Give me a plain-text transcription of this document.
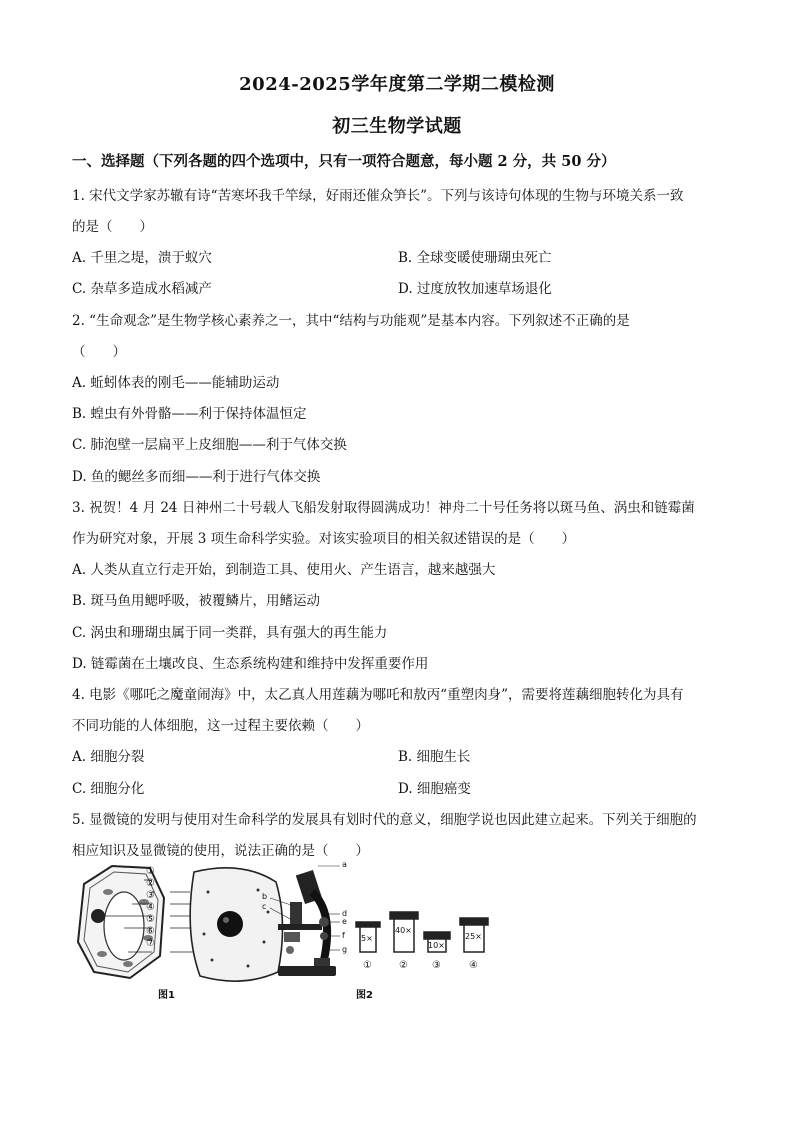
2024-2025学年度第二学期二模检测
初三生物学试题
一、选择题（下列各题的四个选项中，只有一项符合题意，每小题 2 分，共 50 分）
1. 宋代文学家苏辙有诗“苦寒坏我千竿绿，好雨还催众笋长”。下列与该诗句体现的生物与环境关系一致
的是（　　）
A. 千里之堤，溃于蚁穴	B. 全球变暖使珊瑚虫死亡
C. 杂草多造成水稻减产	D. 过度放牧加速草场退化
2. “生命观念”是生物学核心素养之一，其中“结构与功能观”是基本内容。下列叙述不正确的是
（　　）
A. 蚯蚓体表的刚毛——能辅助运动
B. 蝗虫有外骨骼——利于保持体温恒定
C. 肺泡壁一层扁平上皮细胞——利于气体交换
D. 鱼的鳃丝多而细——利于进行气体交换
3. 祝贺！4 月 24 日神州二十号载人飞船发射取得圆满成功！神舟二十号任务将以斑马鱼、涡虫和链霉菌
作为研究对象，开展 3 项生命科学实验。对该实验项目的相关叙述错误的是（　　）
A. 人类从直立行走开始，到制造工具、使用火、产生语言，越来越强大
B. 斑马鱼用鳃呼吸，被覆鳞片，用鳍运动
C. 涡虫和珊瑚虫属于同一类群，具有强大的再生能力
D. 链霉菌在土壤改良、生态系统构建和维持中发挥重要作用
4. 电影《哪吒之魔童闹海》中，太乙真人用莲藕为哪吒和敖丙“重塑肉身”，需要将莲藕细胞转化为具有
不同功能的人体细胞，这一过程主要依赖（　　）
A. 细胞分裂	B. 细胞生长
C. 细胞分化	D. 细胞癌变
5. 显微镜的发明与使用对生命科学的发展具有划时代的意义，细胞学说也因此建立起来。下列关于细胞的
相应知识及显微镜的使用，说法正确的是（　　）
①
②
③
④
⑤
⑥
⑦
a
b
c
d
e
f
g
5×
40×
10×
25×
①	② ③	④
图1	图2
